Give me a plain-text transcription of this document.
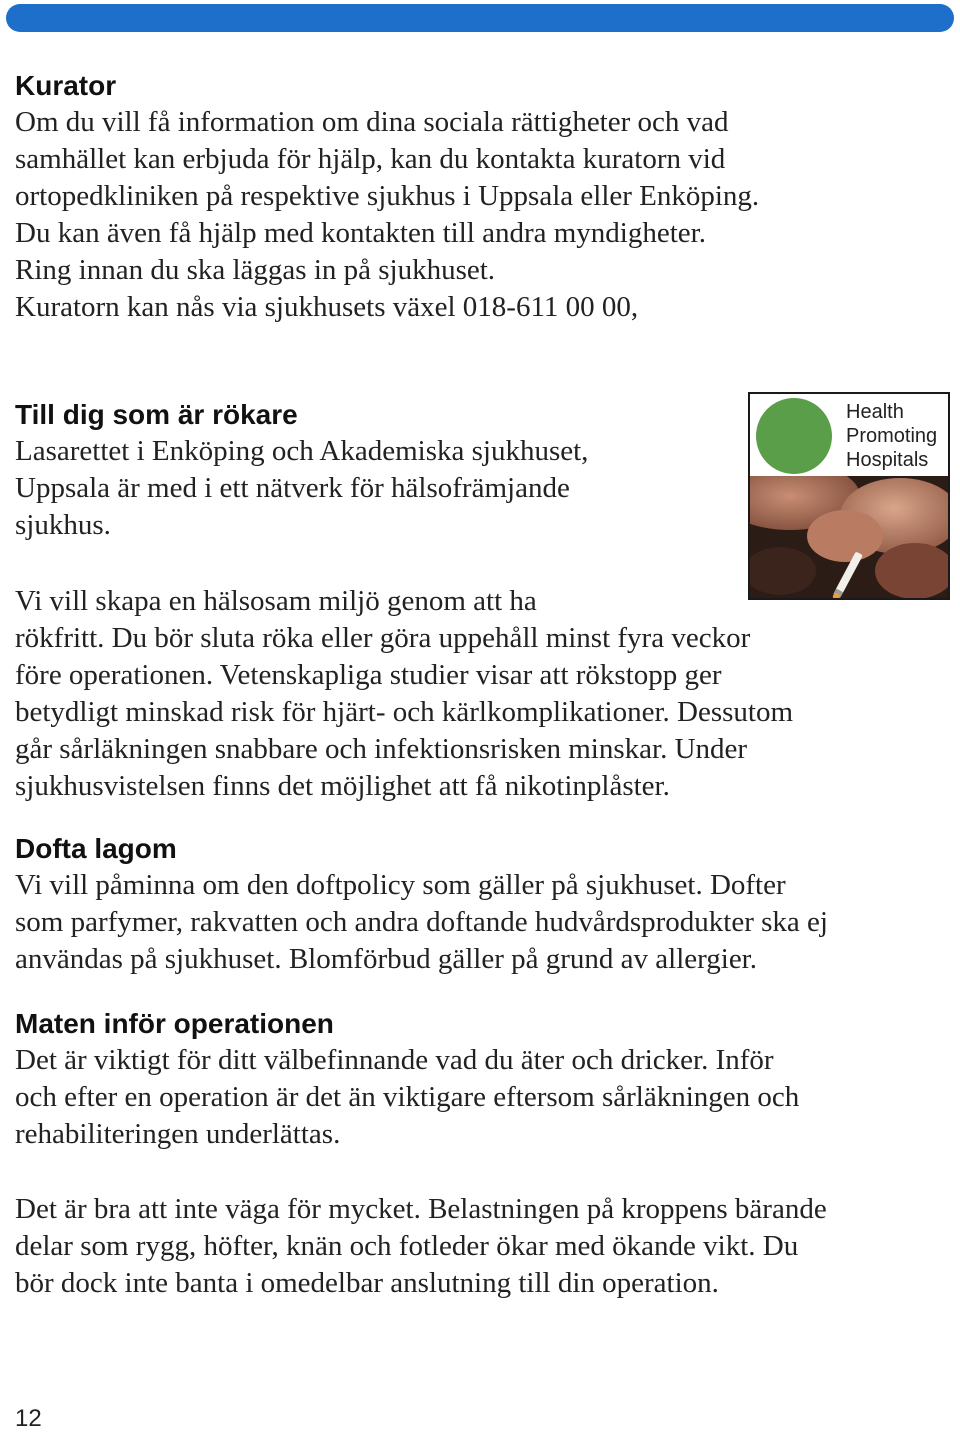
Kurator

Om du vill få information om dina sociala rättigheter och vad
samhället kan erbjuda för hjälp, kan du kontakta kuratorn vid
ortopedkliniken på respektive sjukhus i Uppsala eller Enköping.
Du kan även få hjälp med kontakten till andra myndigheter.
Ring innan du ska läggas in på sjukhuset.
Kuratorn kan nås via sjukhusets växel 018-611 00 00,

Till dig som är rökare

Lasarettet i Enköping och Akademiska sjukhuset,
Uppsala är med i ett nätverk för hälsofrämjande
sjukhus.

Vi vill skapa en hälsosam miljö genom att ha
rökfritt. Du bör sluta röka eller göra uppehåll minst fyra veckor
före operationen. Vetenskapliga studier visar att rökstopp ger
betydligt minskad risk för hjärt- och kärlkomplikationer. Dessutom
går sårläkningen snabbare och infektionsrisken minskar. Under
sjukhusvistelsen finns det möjlighet att få nikotinplåster.

Health
Promoting
Hospitals
Dofta lagom

Vi vill påminna om den doftpolicy som gäller på sjukhuset. Dofter
som parfymer, rakvatten och andra doftande hudvårdsprodukter ska ej
användas på sjukhuset. Blomförbud gäller på grund av allergier.

Maten inför operationen

Det är viktigt för ditt välbefinnande vad du äter och dricker. Inför
och efter en operation är det än viktigare eftersom sårläkningen och
rehabiliteringen underlättas.

Det är bra att inte väga för mycket. Belastningen på kroppens bärande
delar som rygg, höfter, knän och fotleder ökar med ökande vikt. Du
bör dock inte banta i omedelbar anslutning till din operation.

12
